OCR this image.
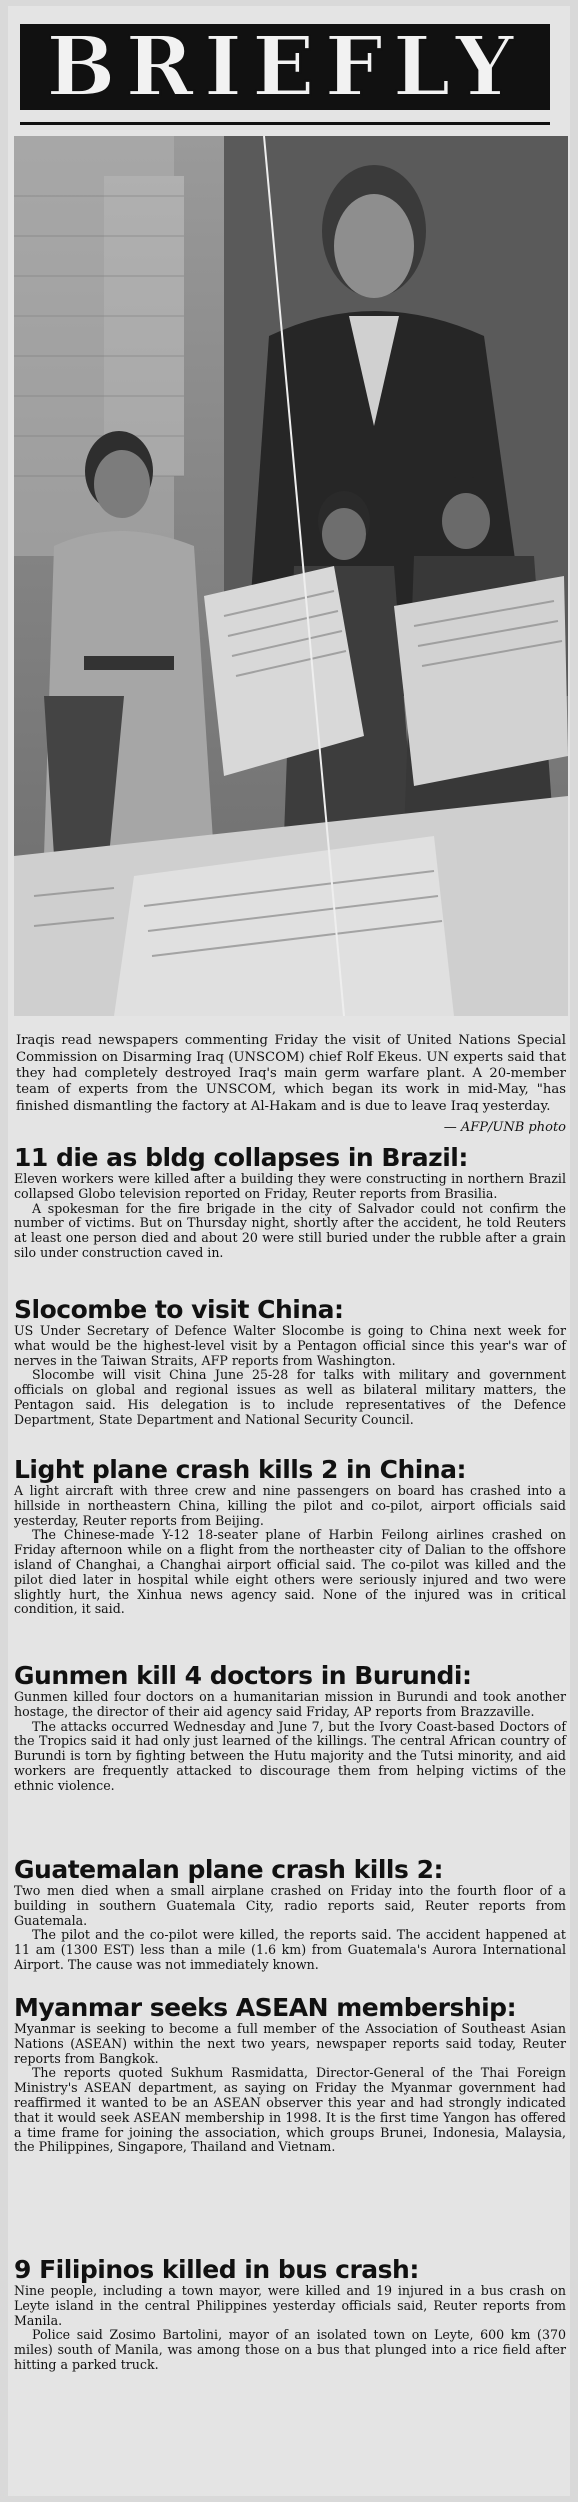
BRIEFLY

Iraqis read newspapers commenting Friday the visit of United Nations Special Commission on Disarming Iraq (UNSCOM) chief Rolf Ekeus. UN experts said that they had completely destroyed Iraq's main germ warfare plant. A 20-member team of experts from the UNSCOM, which began its work in mid-May, "has finished dismantling the factory at Al-Hakam and is due to leave Iraq yesterday.

— AFP/UNB photo
11 die as bldg collapses in Brazil:

Eleven workers were killed after a building they were constructing in northern Brazil collapsed Globo television reported on Friday, Reuter reports from Brasilia.

A spokesman for the fire brigade in the city of Salvador could not confirm the number of victims. But on Thursday night, shortly after the accident, he told Reuters at least one person died and about 20 were still buried under the rubble after a grain silo under construction caved in.

Slocombe to visit China:

US Under Secretary of Defence Walter Slocombe is going to China next week for what would be the highest-level visit by a Pentagon official since this year's war of nerves in the Taiwan Straits, AFP reports from Washington.

Slocombe will visit China June 25-28 for talks with military and government officials on global and regional issues as well as bilateral military matters, the Pentagon said. His delegation is to include representatives of the Defence Department, State Department and National Security Council.

Light plane crash kills 2 in China:

A light aircraft with three crew and nine passengers on board has crashed into a hillside in northeastern China, killing the pilot and co-pilot, airport officials said yesterday, Reuter reports from Beijing.

The Chinese-made Y-12 18-seater plane of Harbin Feilong airlines crashed on Friday afternoon while on a flight from the northeaster city of Dalian to the offshore island of Changhai, a Changhai airport official said. The co-pilot was killed and the pilot died later in hospital while eight others were seriously injured and two were slightly hurt, the Xinhua news agency said. None of the injured was in critical condition, it said.

Gunmen kill 4 doctors in Burundi:

Gunmen killed four doctors on a humanitarian mission in Burundi and took another hostage, the director of their aid agency said Friday, AP reports from Brazzaville.

The attacks occurred Wednesday and June 7, but the Ivory Coast-based Doctors of the Tropics said it had only just learned of the killings. The central African country of Burundi is torn by fighting between the Hutu majority and the Tutsi minority, and aid workers are frequently attacked to discourage them from helping victims of the ethnic violence.

Guatemalan plane crash kills 2:

Two men died when a small airplane crashed on Friday into the fourth floor of a building in southern Guatemala City, radio reports said, Reuter reports from Guatemala.

The pilot and the co-pilot were killed, the reports said. The accident happened at 11 am (1300 EST) less than a mile (1.6 km) from Guatemala's Aurora International Airport. The cause was not immediately known.

Myanmar seeks ASEAN membership:

Myanmar is seeking to become a full member of the Association of Southeast Asian Nations (ASEAN) within the next two years, newspaper reports said today, Reuter reports from Bangkok.

The reports quoted Sukhum Rasmidatta, Director-General of the Thai Foreign Ministry's ASEAN department, as saying on Friday the Myanmar government had reaffirmed it wanted to be an ASEAN observer this year and had strongly indicated that it would seek ASEAN membership in 1998. It is the first time Yangon has offered a time frame for joining the association, which groups Brunei, Indonesia, Malaysia, the Philippines, Singapore, Thailand and Vietnam.

9 Filipinos killed in bus crash:

Nine people, including a town mayor, were killed and 19 injured in a bus crash on Leyte island in the central Philippines yesterday officials said, Reuter reports from Manila.

Police said Zosimo Bartolini, mayor of an isolated town on Leyte, 600 km (370 miles) south of Manila, was among those on a bus that plunged into a rice field after hitting a parked truck.
